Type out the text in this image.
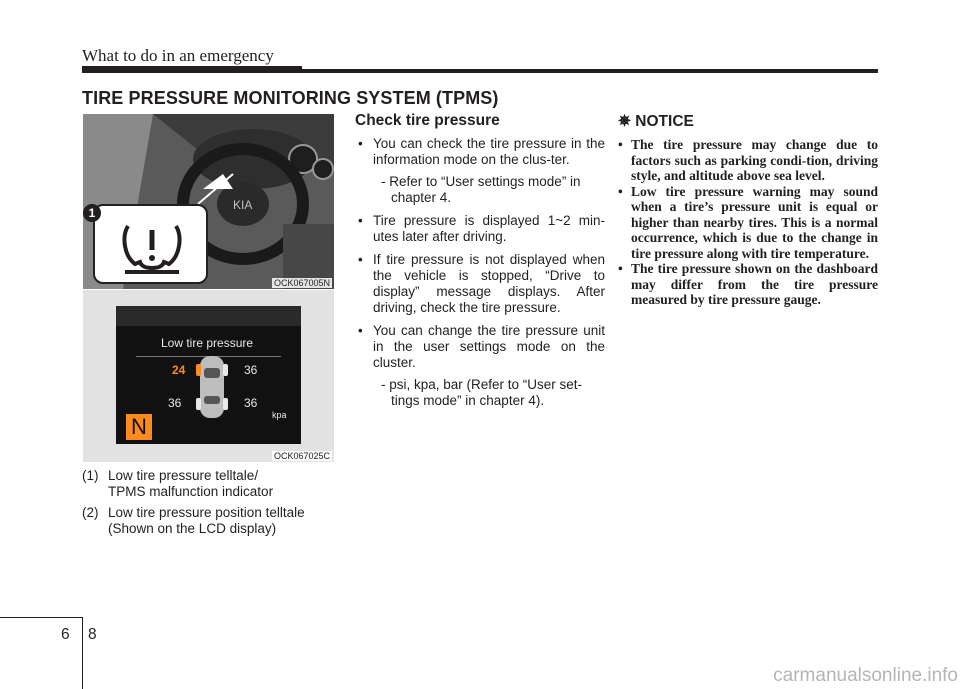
What to do in an emergency
TIRE PRESSURE MONITORING SYSTEM (TPMS)
KIA
1
OCK067005N
Low tire pressure
24	36
36	36
kpa
N
OCK067025C
(1) Low tire pressure telltale/
TPMS malfunction indicator
(2) Low tire pressure position telltale
(Shown on the LCD display)
Check tire pressure
• You can check the tire pressure in the information mode on the clus-ter.
- Refer to “User settings mode” in chapter 4.
• Tire pressure is displayed 1~2 min-utes later after driving.
• If tire pressure is not displayed when the vehicle is stopped, “Drive to display” message displays. After driving, check the tire pressure.
• You can change the tire pressure unit in the user settings mode on the cluster.
- psi, kpa, bar (Refer to “User set-tings mode” in chapter 4).
✵ NOTICE
• The tire pressure may change due to factors such as parking condi-tion, driving style, and altitude above sea level.
• Low tire pressure warning may sound when a tire’s pressure unit is equal or higher than nearby tires. This is a normal occurrence, which is due to the change in tire pressure along with tire temperature.
• The tire pressure shown on the dashboard may differ from the tire pressure measured by tire pressure gauge.
6 8
carmanualsonline.info
